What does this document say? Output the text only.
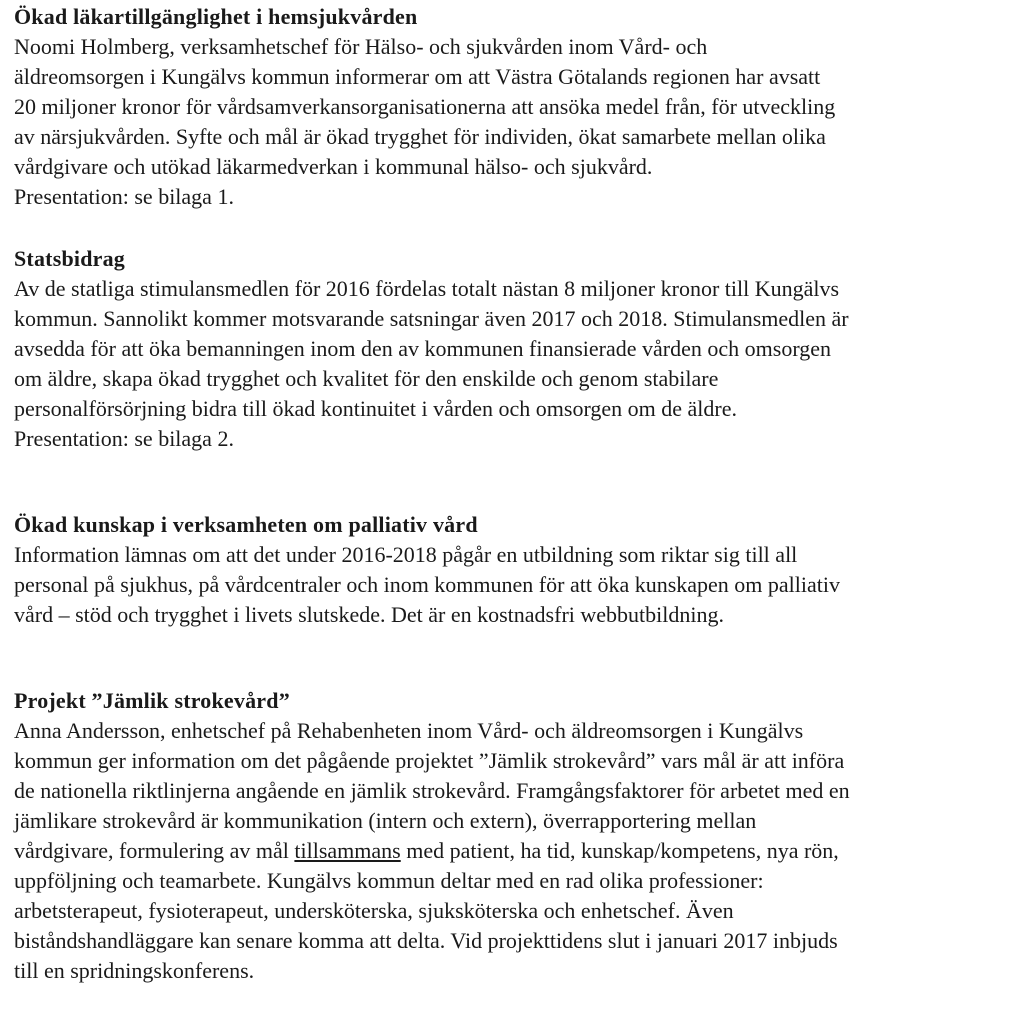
Ökad läkartillgänglighet i hemsjukvården
Noomi Holmberg, verksamhetschef för Hälso- och sjukvården inom Vård- och
äldreomsorgen i Kungälvs kommun informerar om att Västra Götalands regionen har avsatt
20 miljoner kronor för vårdsamverkansorganisationerna att ansöka medel från, för utveckling
av närsjukvården. Syfte och mål är ökad trygghet för individen, ökat samarbete mellan olika
vårdgivare och utökad läkarmedverkan i kommunal hälso- och sjukvård.
Presentation: se bilaga 1.
Statsbidrag
Av de statliga stimulansmedlen för 2016 fördelas totalt nästan 8 miljoner kronor till Kungälvs
kommun. Sannolikt kommer motsvarande satsningar även 2017 och 2018. Stimulansmedlen är
avsedda för att öka bemanningen inom den av kommunen finansierade vården och omsorgen
om äldre, skapa ökad trygghet och kvalitet för den enskilde och genom stabilare
personalförsörjning bidra till ökad kontinuitet i vården och omsorgen om de äldre.
Presentation: se bilaga 2.
Ökad kunskap i verksamheten om palliativ vård
Information lämnas om att det under 2016-2018 pågår en utbildning som riktar sig till all
personal på sjukhus, på vårdcentraler och inom kommunen för att öka kunskapen om palliativ
vård – stöd och trygghet i livets slutskede. Det är en kostnadsfri webbutbildning.
Projekt ”Jämlik strokevård”
Anna Andersson, enhetschef på Rehabenheten inom Vård- och äldreomsorgen i Kungälvs
kommun ger information om det pågående projektet ”Jämlik strokevård” vars mål är att införa
de nationella riktlinjerna angående en jämlik strokevård. Framgångsfaktorer för arbetet med en
jämlikare strokevård är kommunikation (intern och extern), överrapportering mellan
vårdgivare, formulering av mål tillsammans med patient, ha tid, kunskap/kompetens, nya rön,
uppföljning och teamarbete. Kungälvs kommun deltar med en rad olika professioner:
arbetsterapeut, fysioterapeut, undersköterska, sjuksköterska och enhetschef. Även
biståndshandläggare kan senare komma att delta. Vid projekttidens slut i januari 2017 inbjuds
till en spridningskonferens.
